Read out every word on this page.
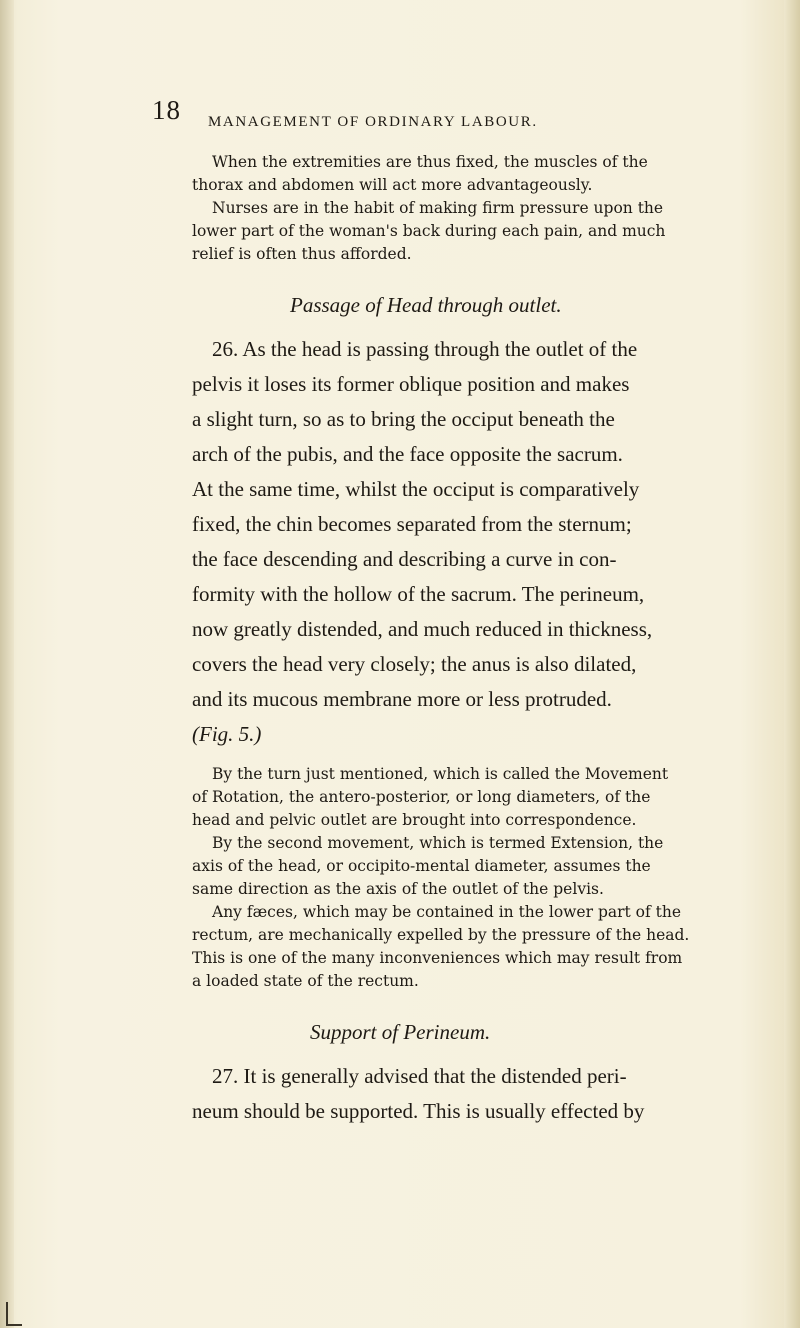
18 MANAGEMENT OF ORDINARY LABOUR.
When the extremities are thus fixed, the muscles of the
thorax and abdomen will act more advantageously.
Nurses are in the habit of making firm pressure upon the
lower part of the woman's back during each pain, and much
relief is often thus afforded.
Passage of Head through outlet.
26. As the head is passing through the outlet of the
pelvis it loses its former oblique position and makes
a slight turn, so as to bring the occiput beneath the
arch of the pubis, and the face opposite the sacrum.
At the same time, whilst the occiput is comparatively
fixed, the chin becomes separated from the sternum;
the face descending and describing a curve in con-
formity with the hollow of the sacrum. The perineum,
now greatly distended, and much reduced in thickness,
covers the head very closely; the anus is also dilated,
and its mucous membrane more or less protruded.
(Fig. 5.)
By the turn just mentioned, which is called the Movement
of Rotation, the antero-posterior, or long diameters, of the
head and pelvic outlet are brought into correspondence.
By the second movement, which is termed Extension, the
axis of the head, or occipito-mental diameter, assumes the
same direction as the axis of the outlet of the pelvis.
Any fæces, which may be contained in the lower part of the
rectum, are mechanically expelled by the pressure of the head.
This is one of the many inconveniences which may result from
a loaded state of the rectum.
Support of Perineum.
27. It is generally advised that the distended peri-
neum should be supported. This is usually effected by
